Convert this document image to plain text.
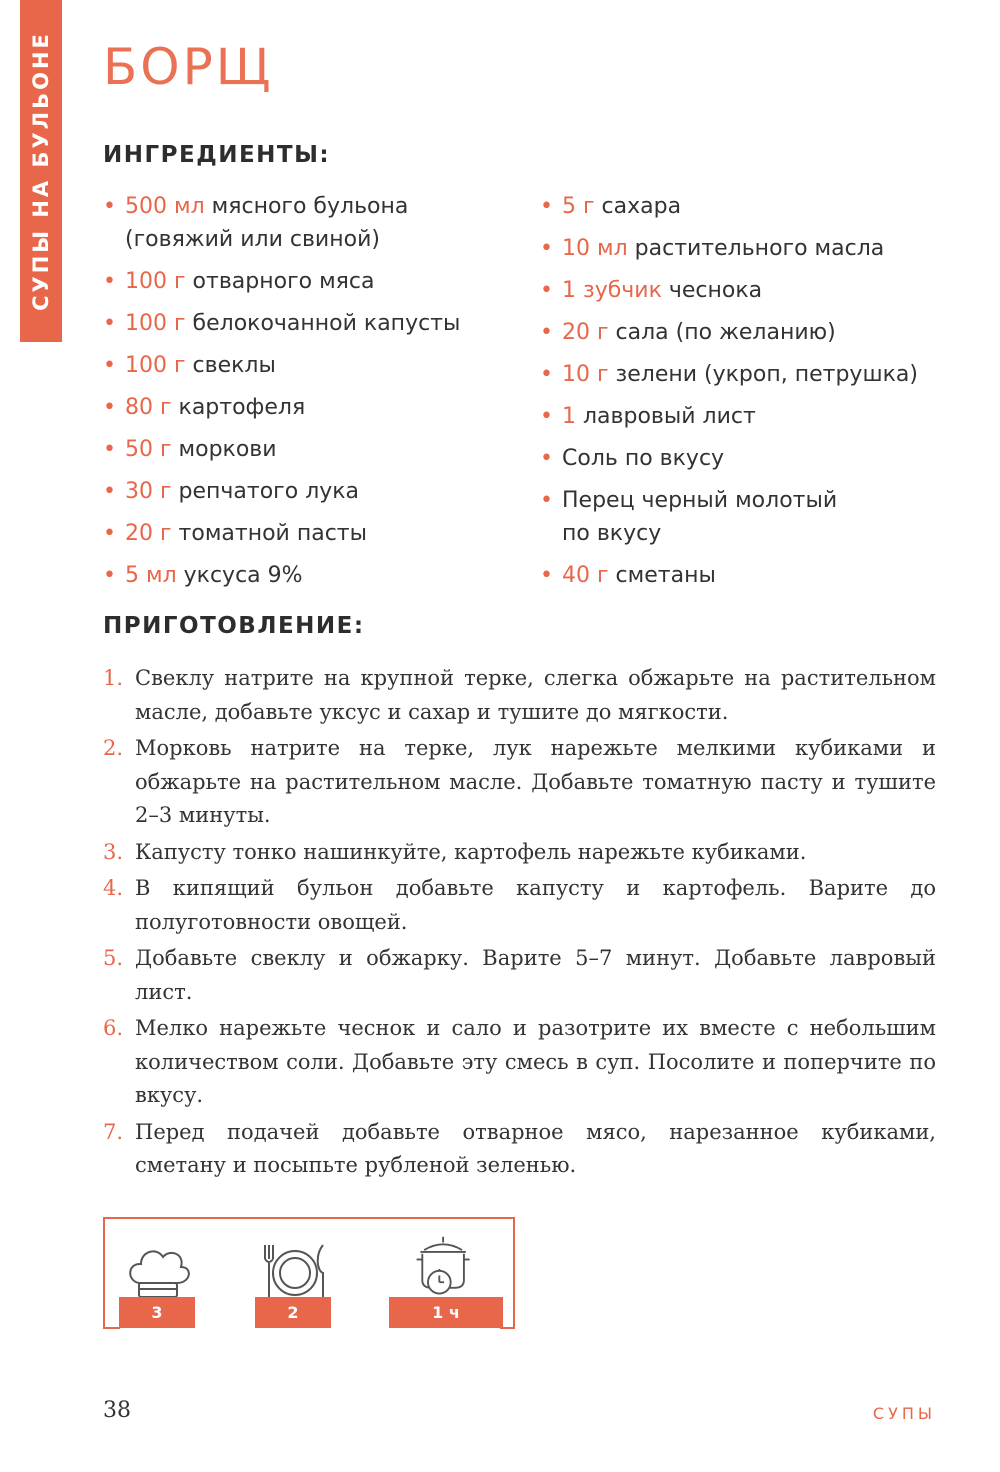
СУПЫ НА БУЛЬОНЕ БОРЩ
ИНГРЕДИЕНТЫ:
• 500 мл мясного бульона (говяжий или свиной)
• 100 г отварного мяса
• 100 г белокочанной капусты
• 100 г свеклы
• 80 г картофеля
• 50 г моркови
• 30 г репчатого лука
• 20 г томатной пасты
• 5 мл уксуса 9%
• 5 г сахара
• 10 мл растительного масла
• 1 зубчик чеснока
• 20 г сала (по желанию)
• 10 г зелени (укроп, петрушка)
• 1 лавровый лист
• Соль по вкусу
• Перец черный молотый по вкусу
• 40 г сметаны
ПРИГОТОВЛЕНИЕ:
1. Свеклу натрите на крупной терке, слегка обжарьте на растительном масле, добавьте уксус и сахар и тушите до мягкости.
2. Морковь натрите на терке, лук нарежьте мелкими кубиками и обжарьте на растительном масле. Добавьте томатную пасту и тушите 2–3 минуты.
3. Капусту тонко нашинкуйте, картофель нарежьте кубиками.
4. В кипящий бульон добавьте капусту и картофель. Варите до полуготовности овощей.
5. Добавьте свеклу и обжарку. Варите 5–7 минут. Добавьте лавровый лист.
6. Мелко нарежьте чеснок и сало и разотрите их вместе с небольшим количеством соли. Добавьте эту смесь в суп. Посолите и поперчите по вкусу.
7. Перед подачей добавьте отварное мясо, нарезанное кубиками, сметану и посыпьте рубленой зеленью.
3	2	1 ч
38	СУПЫ
